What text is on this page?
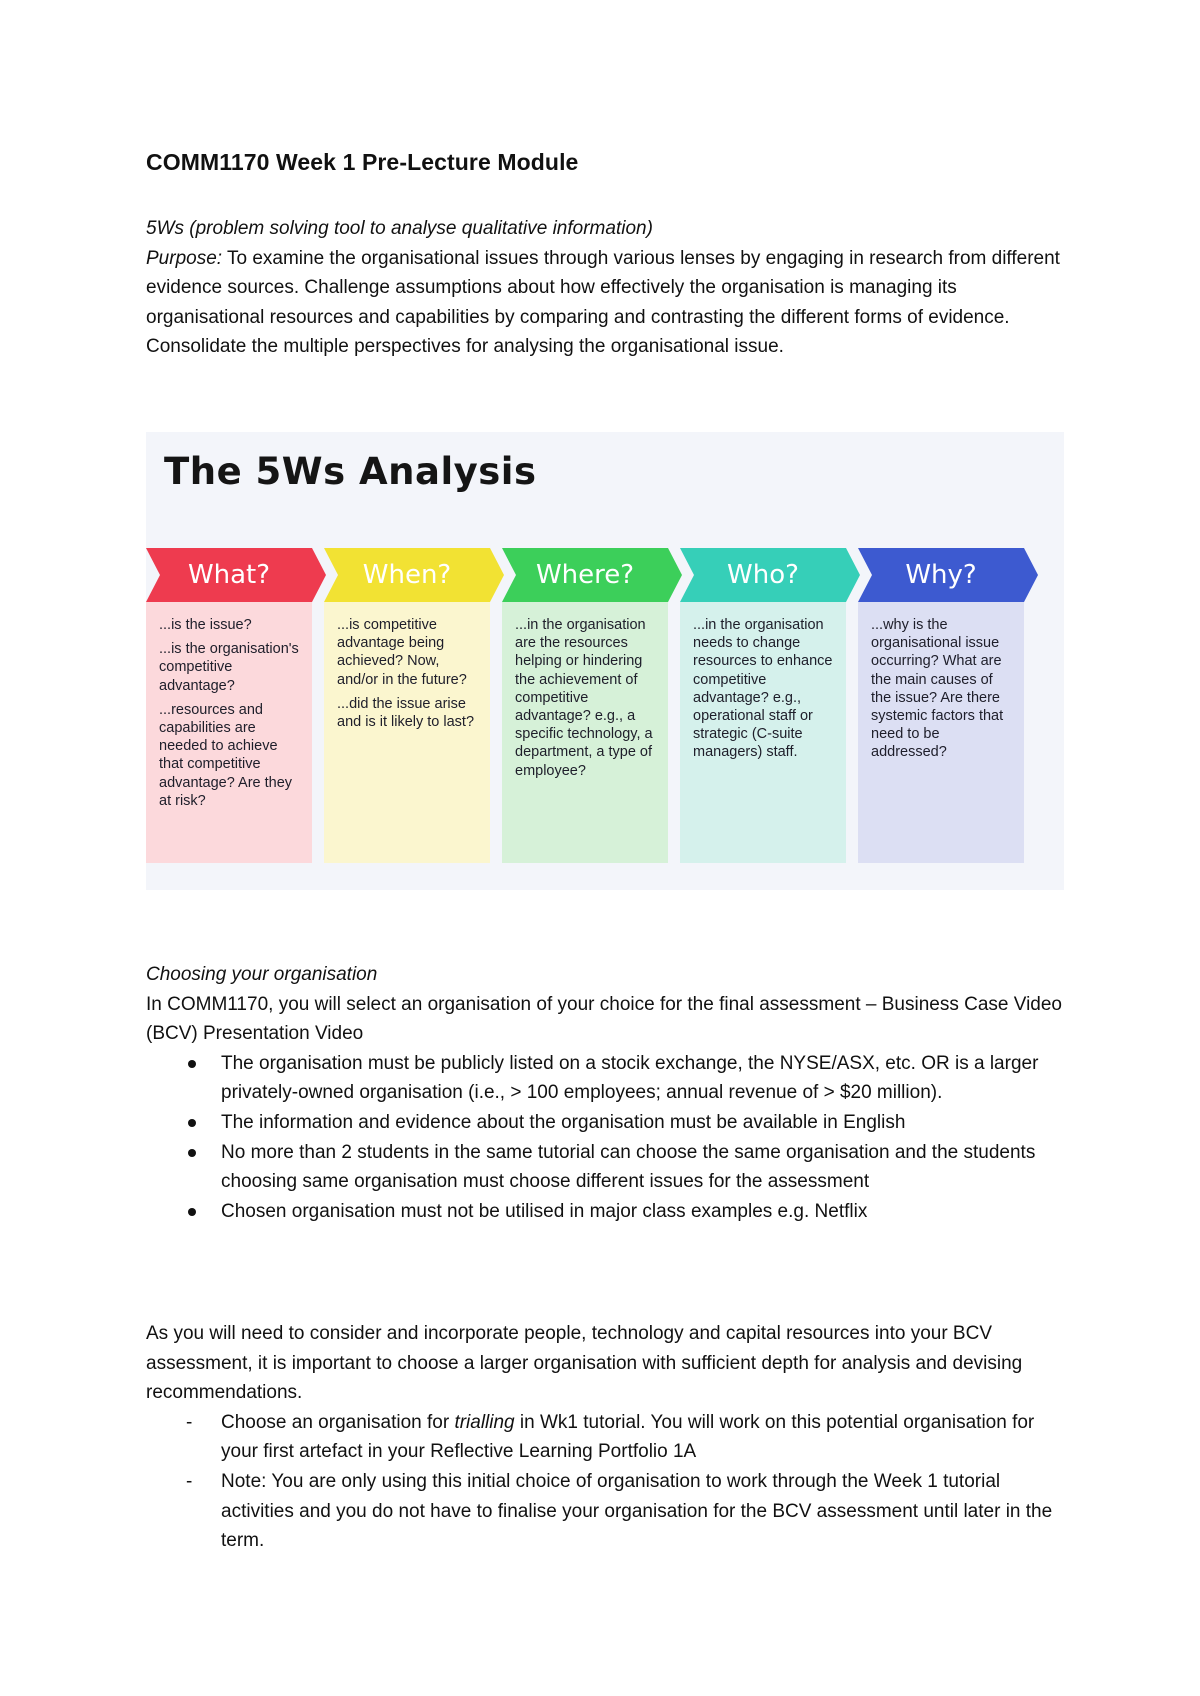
COMM1170 Week 1 Pre-Lecture Module
5Ws (problem solving tool to analyse qualitative information)
Purpose: To examine the organisational issues through various lenses by engaging in research from different evidence sources. Challenge assumptions about how effectively the organisation is managing its organisational resources and capabilities by comparing and contrasting the different forms of evidence. Consolidate the multiple perspectives for analysing the organisational issue.
The 5Ws Analysis
What?

...is the issue?

...is the organisation's competitive advantage?

...resources and capabilities are needed to achieve that competitive advantage? Are they at risk?

When?

...is competitive advantage being achieved? Now, and/or in the future?

...did the issue arise and is it likely to last?

Where?

...in the organisation are the resources helping or hindering the achievement of competitive advantage? e.g., a specific technology, a department, a type of employee?

Who?

...in the organisation needs to change resources to enhance competitive advantage? e.g., operational staff or strategic (C-suite managers) staff.

Why?

...why is the organisational issue occurring? What are the main causes of the issue? Are there systemic factors that need to be addressed?

Choosing your organisation
In COMM1170, you will select an organisation of your choice for the final assessment – Business Case Video (BCV) Presentation Video
The organisation must be publicly listed on a stocik exchange, the NYSE/ASX, etc. OR is a larger privately-owned organisation (i.e., > 100 employees; annual revenue of > $20 million).
The information and evidence about the organisation must be available in English
No more than 2 students in the same tutorial can choose the same organisation and the students choosing same organisation must choose different issues for the assessment
Chosen organisation must not be utilised in major class examples e.g. Netflix
As you will need to consider and incorporate people, technology and capital resources into your BCV assessment, it is important to choose a larger organisation with sufficient depth for analysis and devising recommendations.
- Choose an organisation for trialling in Wk1 tutorial. You will work on this potential organisation for your first artefact in your Reflective Learning Portfolio 1A
- Note: You are only using this initial choice of organisation to work through the Week 1 tutorial activities and you do not have to finalise your organisation for the BCV assessment until later in the term.
